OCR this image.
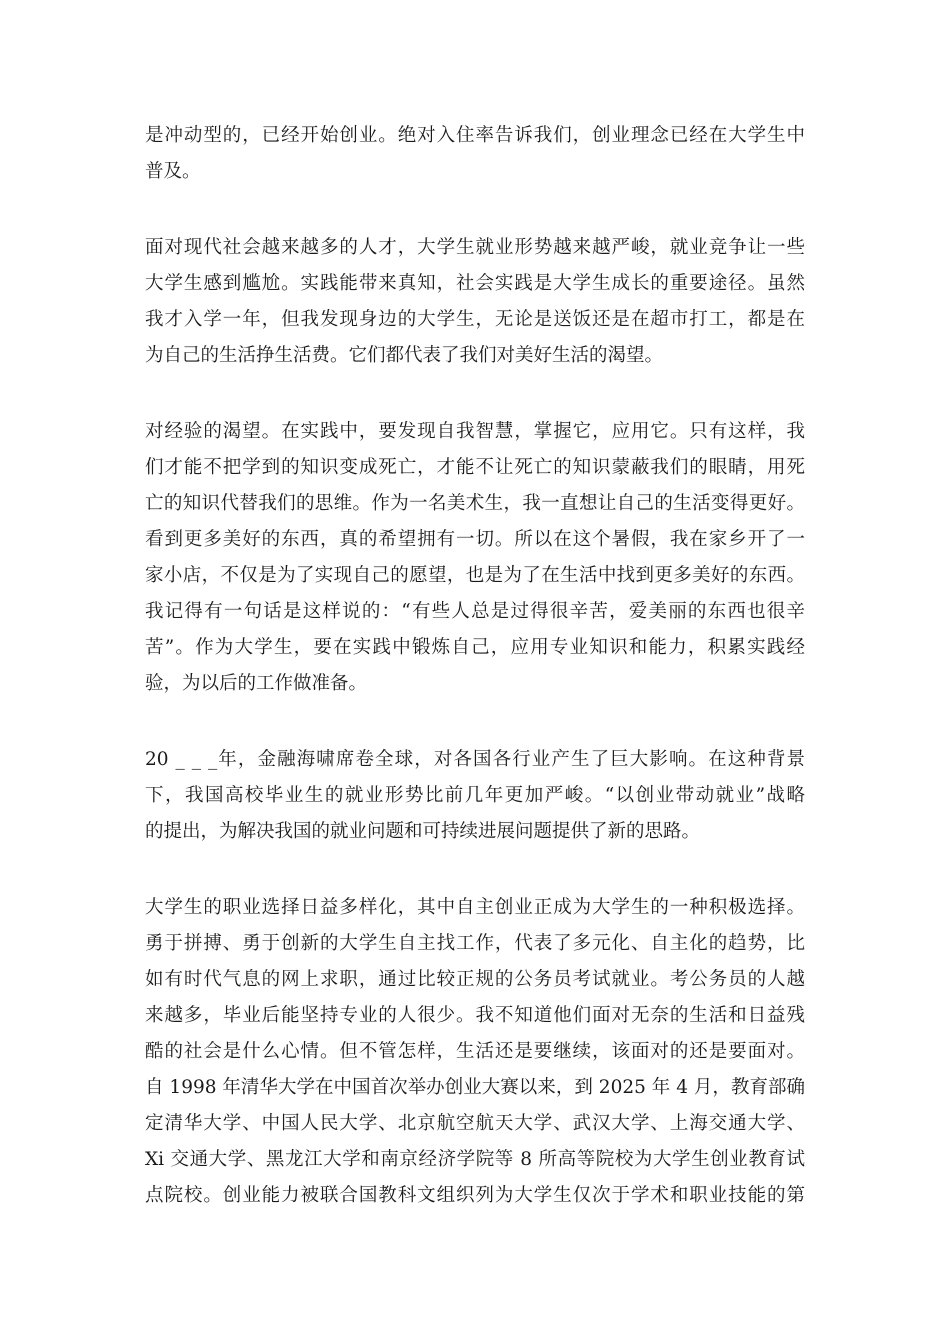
是冲动型的，已经开始创业。绝对入住率告诉我们，创业理念已经在大学生中
普及。
面对现代社会越来越多的人才，大学生就业形势越来越严峻，就业竞争让一些
大学生感到尴尬。实践能带来真知，社会实践是大学生成长的重要途径。虽然
我才入学一年，但我发现身边的大学生，无论是送饭还是在超市打工，都是在
为自己的生活挣生活费。它们都代表了我们对美好生活的渴望。
对经验的渴望。在实践中，要发现自我智慧，掌握它，应用它。只有这样，我
们才能不把学到的知识变成死亡，才能不让死亡的知识蒙蔽我们的眼睛，用死
亡的知识代替我们的思维。作为一名美术生，我一直想让自己的生活变得更好。
看到更多美好的东西，真的希望拥有一切。所以在这个暑假，我在家乡开了一
家小店，不仅是为了实现自己的愿望，也是为了在生活中找到更多美好的东西。
我记得有一句话是这样说的：“有些人总是过得很辛苦，爱美丽的东西也很辛
苦”。作为大学生，要在实践中锻炼自己，应用专业知识和能力，积累实践经
验，为以后的工作做准备。
20 _ _ _年，金融海啸席卷全球，对各国各行业产生了巨大影响。在这种背景
下，我国高校毕业生的就业形势比前几年更加严峻。“以创业带动就业”战略
的提出，为解决我国的就业问题和可持续进展问题提供了新的思路。
大学生的职业选择日益多样化，其中自主创业正成为大学生的一种积极选择。
勇于拼搏、勇于创新的大学生自主找工作，代表了多元化、自主化的趋势，比
如有时代气息的网上求职，通过比较正规的公务员考试就业。考公务员的人越
来越多，毕业后能坚持专业的人很少。我不知道他们面对无奈的生活和日益残
酷的社会是什么心情。但不管怎样，生活还是要继续，该面对的还是要面对。
自 1998 年清华大学在中国首次举办创业大赛以来，到 2025 年 4 月，教育部确
定清华大学、中国人民大学、北京航空航天大学、武汉大学、上海交通大学、
Xi 交通大学、黑龙江大学和南京经济学院等 8 所高等院校为大学生创业教育试
点院校。创业能力被联合国教科文组织列为大学生仅次于学术和职业技能的第
